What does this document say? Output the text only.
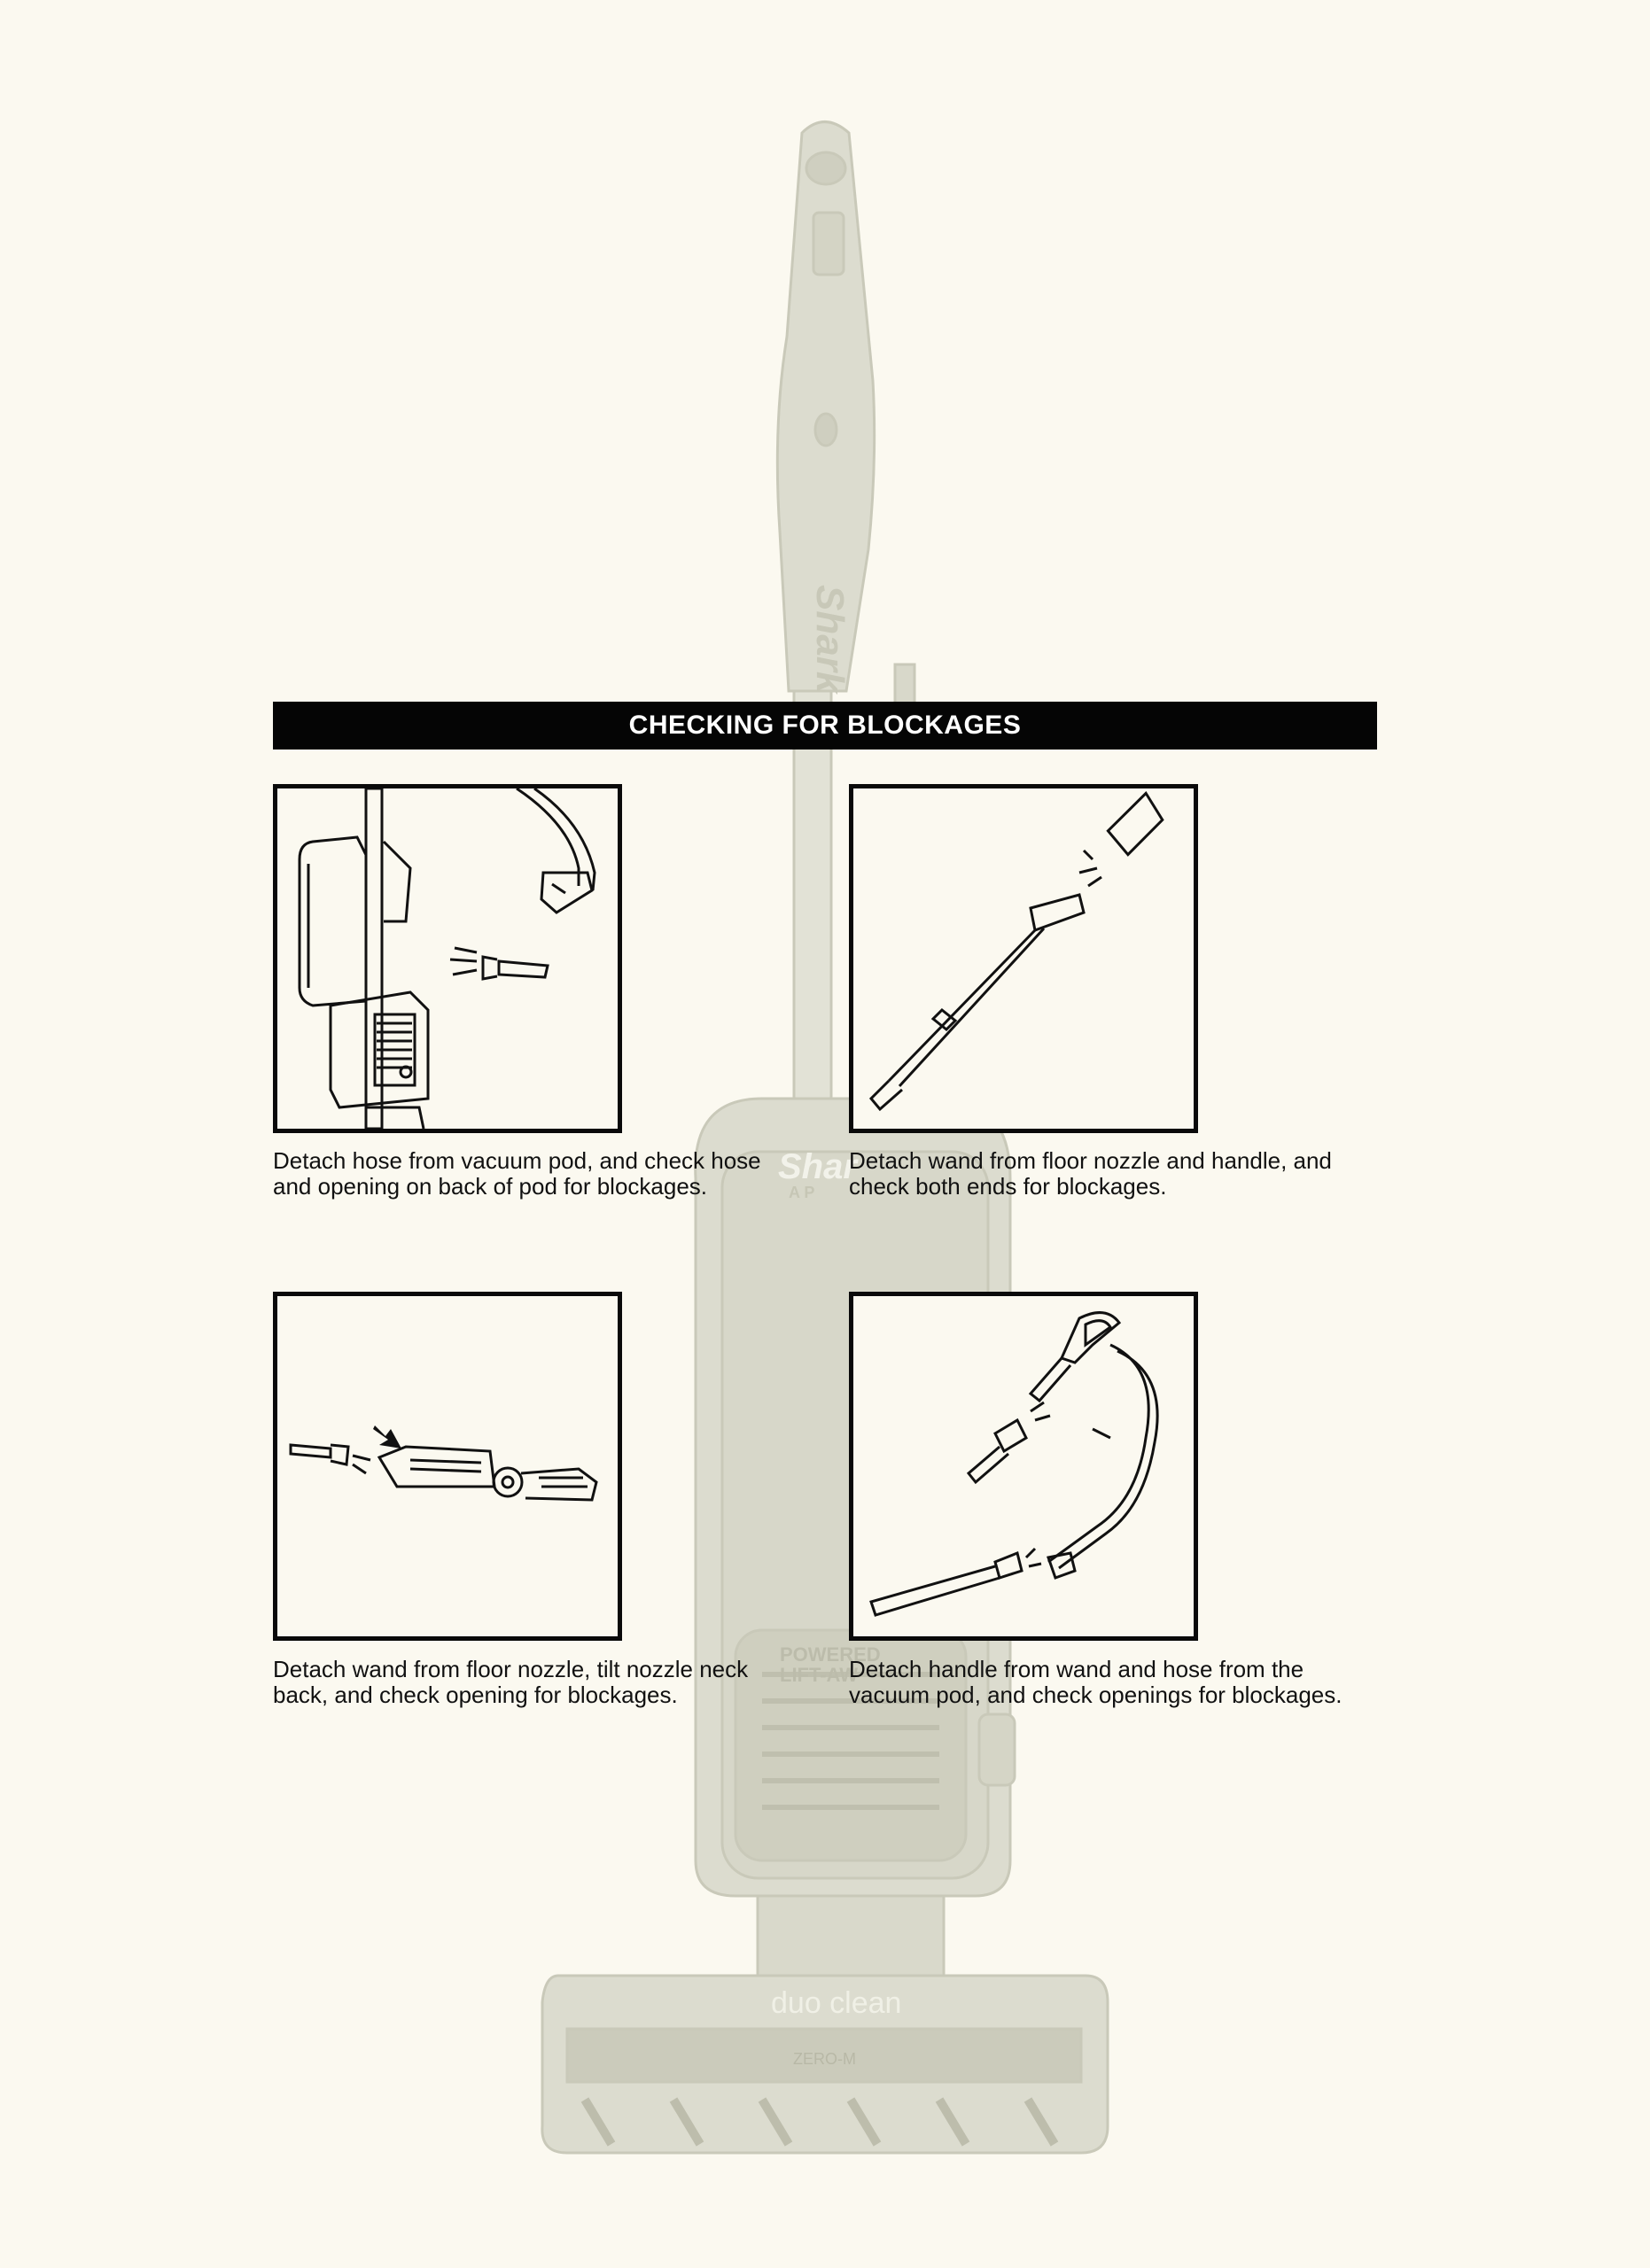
Shark
Shar
A P
POWERED
LIFT-AW
duo clean
ZERO-M
CHECKING FOR BLOCKAGES
Detach hose from vacuum pod, and check hose and opening on back of pod for blockages.
Detach wand from floor nozzle and handle, and check both ends for blockages.
Detach wand from floor nozzle, tilt nozzle neck back, and check opening for blockages.
Detach handle from wand and hose from the vacuum pod, and check openings for blockages.
